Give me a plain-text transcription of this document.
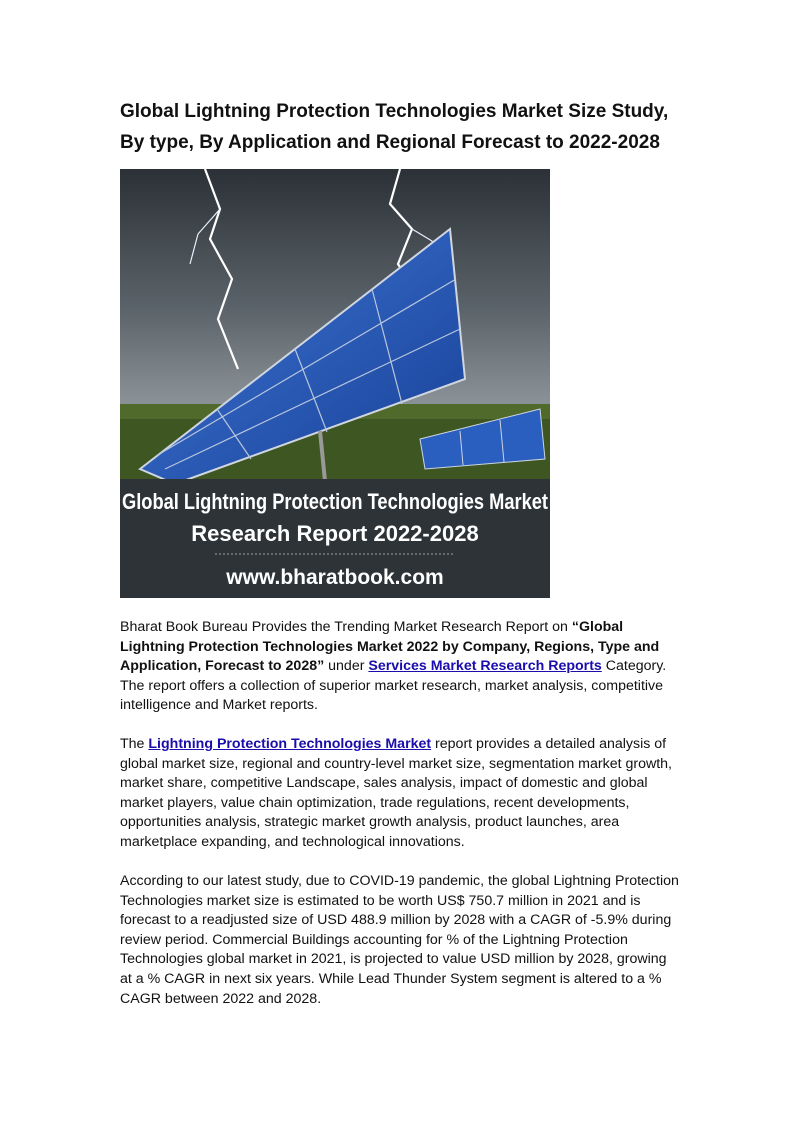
Global Lightning Protection Technologies Market Size Study,
By type, By Application and Regional Forecast to 2022-2028
Global Lightning Protection Technologies Market
Research Report 2022-2028
www.bharatbook.com
Bharat Book Bureau Provides the Trending Market Research Report on “Global Lightning Protection Technologies Market 2022 by Company, Regions, Type and Application, Forecast to 2028” under Services Market Research Reports Category. The report offers a collection of superior market research, market analysis, competitive intelligence and Market reports.
The Lightning Protection Technologies Market report provides a detailed analysis of global market size, regional and country-level market size, segmentation market growth, market share, competitive Landscape, sales analysis, impact of domestic and global market players, value chain optimization, trade regulations, recent developments, opportunities analysis, strategic market growth analysis, product launches, area marketplace expanding, and technological innovations.
According to our latest study, due to COVID-19 pandemic, the global Lightning Protection Technologies market size is estimated to be worth US$ 750.7 million in 2021 and is forecast to a readjusted size of USD 488.9 million by 2028 with a CAGR of -5.9% during review period. Commercial Buildings accounting for % of the Lightning Protection Technologies global market in 2021, is projected to value USD million by 2028, growing at a % CAGR in next six years. While Lead Thunder System segment is altered to a % CAGR between 2022 and 2028.
